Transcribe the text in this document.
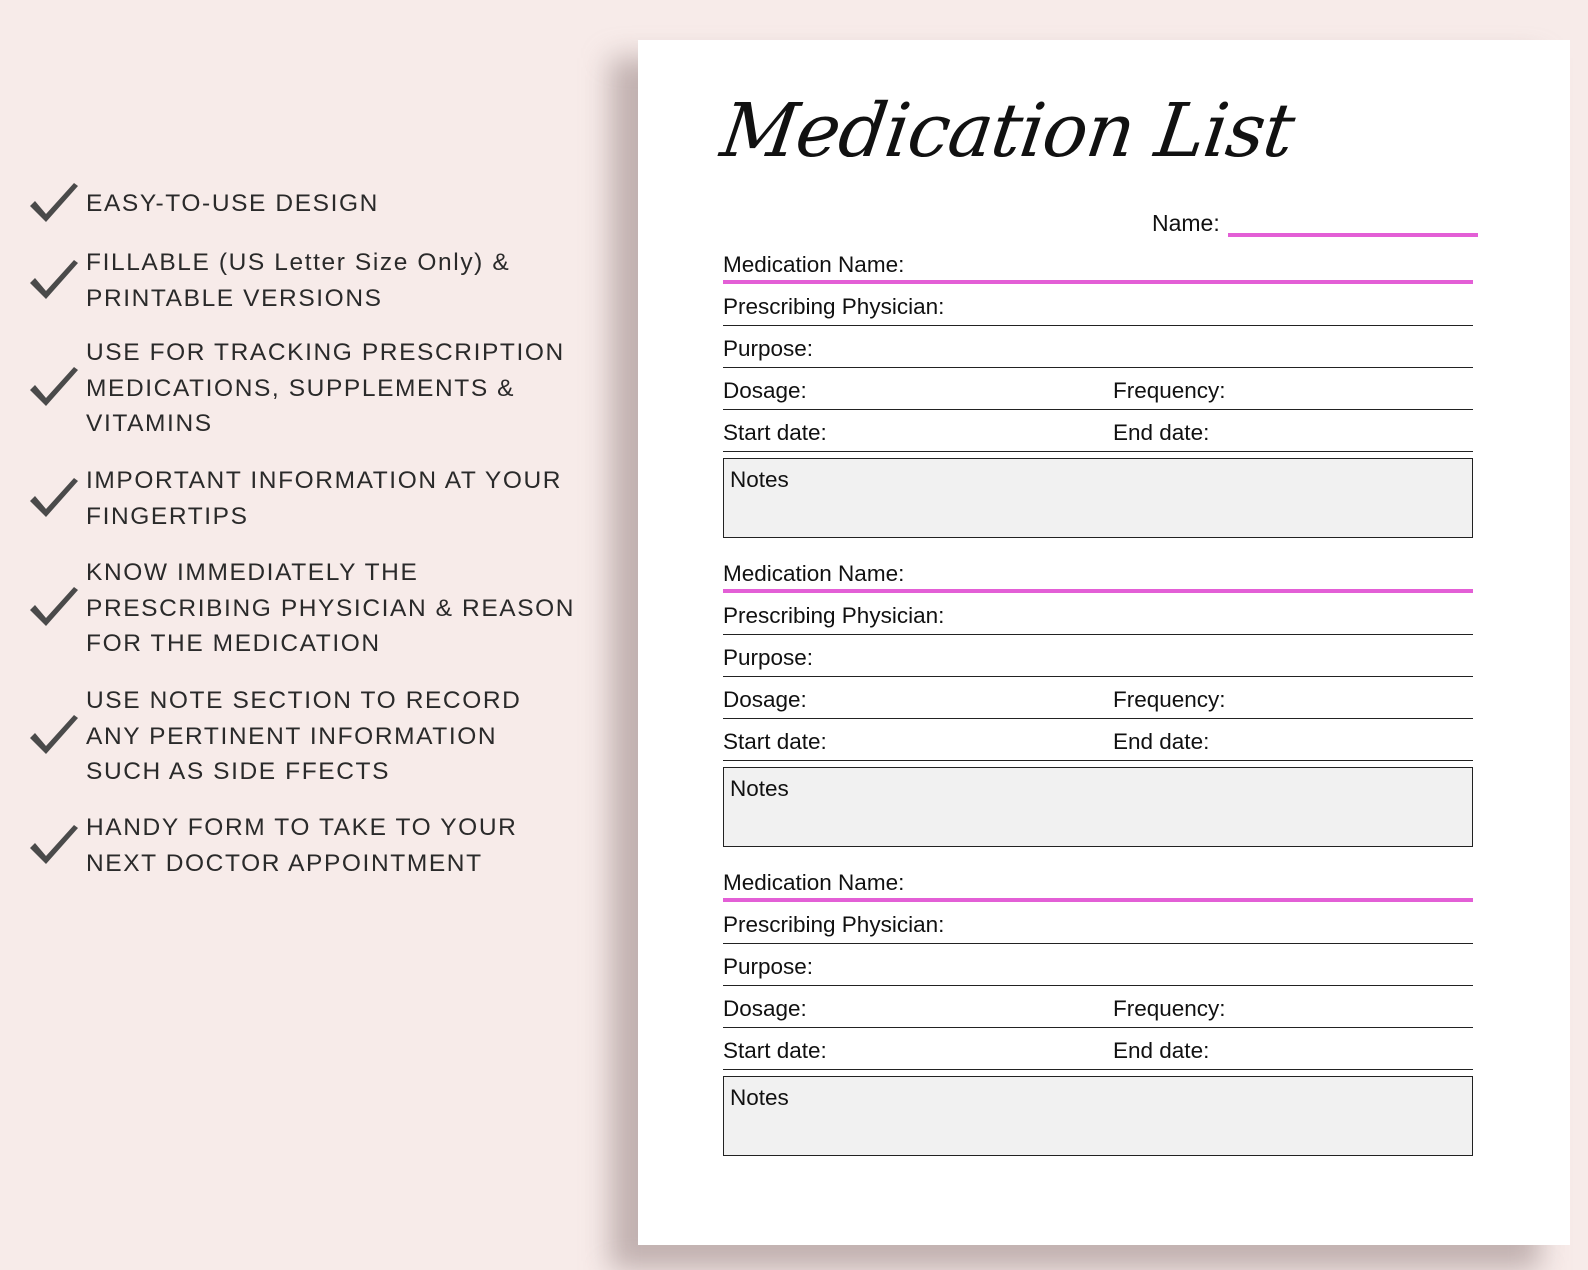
EASY-TO-USE DESIGN
FILLABLE (US Letter Size Only) &
PRINTABLE VERSIONS
USE FOR TRACKING PRESCRIPTION
MEDICATIONS, SUPPLEMENTS &
VITAMINS
IMPORTANT INFORMATION AT YOUR
FINGERTIPS
KNOW IMMEDIATELY THE
PRESCRIBING PHYSICIAN & REASON
FOR THE MEDICATION
USE NOTE SECTION TO RECORD
ANY PERTINENT INFORMATION
SUCH AS SIDE FFECTS
HANDY FORM TO TAKE TO YOUR
NEXT DOCTOR APPOINTMENT
Medication List
Name:
Medication Name:
Prescribing Physician:
Purpose:
Dosage:	Frequency:
Start date:	End date:
Notes
Medication Name:
Prescribing Physician:
Purpose:
Dosage:	Frequency:
Start date:	End date:
Notes
Medication Name:
Prescribing Physician:
Purpose:
Dosage:	Frequency:
Start date:	End date:
Notes
